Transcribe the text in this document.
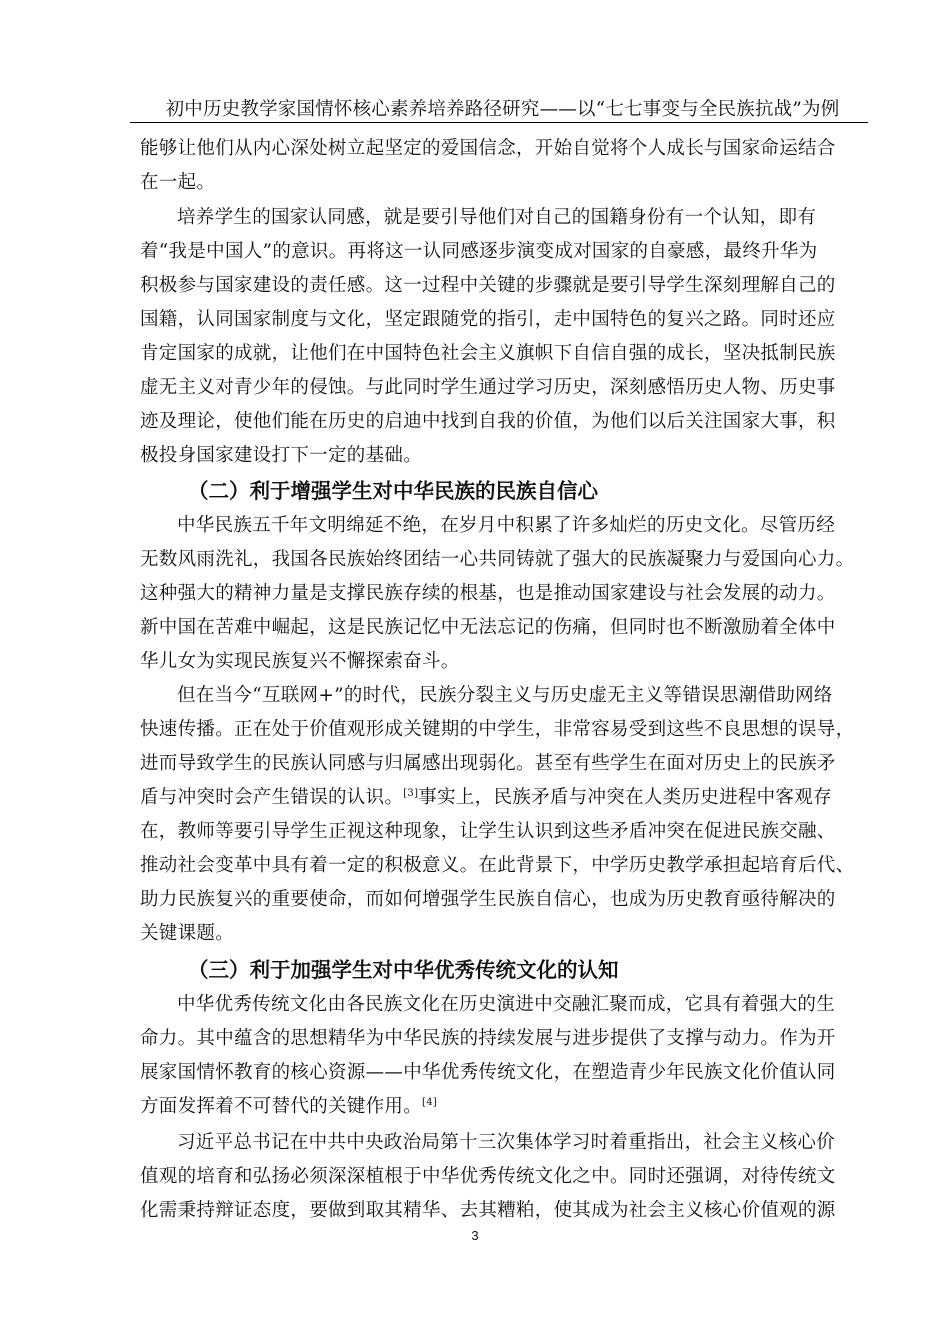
初中历史教学家国情怀核心素养培养路径研究——以“七七事变与全民族抗战”为例
能够让他们从内心深处树立起坚定的爱国信念，开始自觉将个人成长与国家命运结合
在一起。
培养学生的国家认同感，就是要引导他们对自己的国籍身份有一个认知，即有
着“我是中国人”的意识。再将这一认同感逐步演变成对国家的自豪感，最终升华为
积极参与国家建设的责任感。这一过程中关键的步骤就是要引导学生深刻理解自己的
国籍，认同国家制度与文化，坚定跟随党的指引，走中国特色的复兴之路。同时还应
肯定国家的成就，让他们在中国特色社会主义旗帜下自信自强的成长，坚决抵制民族
虚无主义对青少年的侵蚀。与此同时学生通过学习历史，深刻感悟历史人物、历史事
迹及理论，使他们能在历史的启迪中找到自我的价值，为他们以后关注国家大事，积
极投身国家建设打下一定的基础。
（二）利于增强学生对中华民族的民族自信心
中华民族五千年文明绵延不绝，在岁月中积累了许多灿烂的历史文化。尽管历经
无数风雨洗礼，我国各民族始终团结一心共同铸就了强大的民族凝聚力与爱国向心力。
这种强大的精神力量是支撑民族存续的根基，也是推动国家建设与社会发展的动力。
新中国在苦难中崛起，这是民族记忆中无法忘记的伤痛，但同时也不断激励着全体中
华儿女为实现民族复兴不懈探索奋斗。
但在当今“互联网+”的时代，民族分裂主义与历史虚无主义等错误思潮借助网络
快速传播。正在处于价值观形成关键期的中学生，非常容易受到这些不良思想的误导，
进而导致学生的民族认同感与归属感出现弱化。甚至有些学生在面对历史上的民族矛
盾与冲突时会产生错误的认识。[3]事实上，民族矛盾与冲突在人类历史进程中客观存
在，教师等要引导学生正视这种现象，让学生认识到这些矛盾冲突在促进民族交融、
推动社会变革中具有着一定的积极意义。在此背景下，中学历史教学承担起培育后代、
助力民族复兴的重要使命，而如何增强学生民族自信心，也成为历史教育亟待解决的
关键课题。
（三）利于加强学生对中华优秀传统文化的认知
中华优秀传统文化由各民族文化在历史演进中交融汇聚而成，它具有着强大的生
命力。其中蕴含的思想精华为中华民族的持续发展与进步提供了支撑与动力。作为开
展家国情怀教育的核心资源——中华优秀传统文化，在塑造青少年民族文化价值认同
方面发挥着不可替代的关键作用。[4]
习近平总书记在中共中央政治局第十三次集体学习时着重指出，社会主义核心价
值观的培育和弘扬必须深深植根于中华优秀传统文化之中。同时还强调，对待传统文
化需秉持辩证态度，要做到取其精华、去其糟粕，使其成为社会主义核心价值观的源
3
